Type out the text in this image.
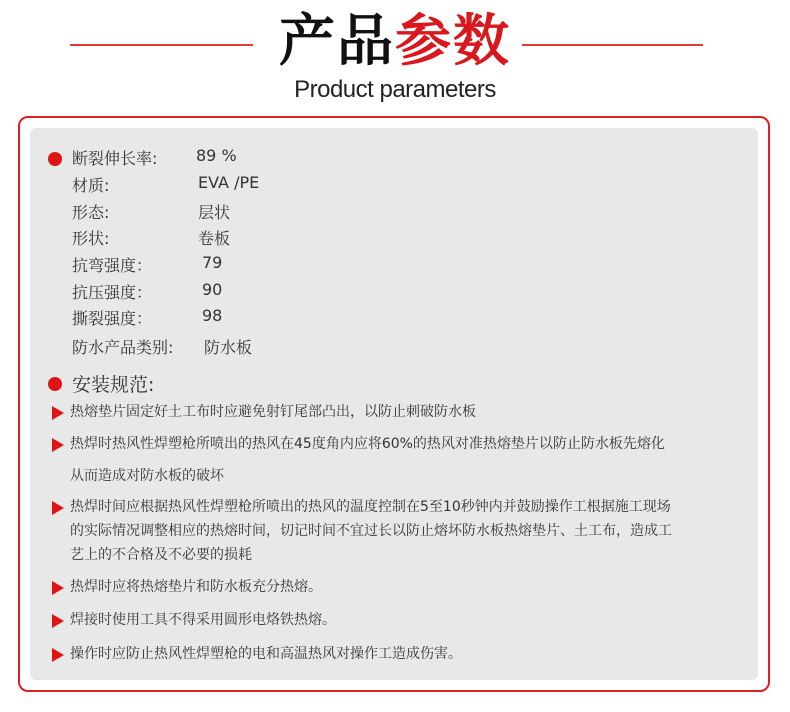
产品参数
Product parameters
断裂伸长率: 89 %
材质:	EVA /PE
形态:	层状
形状:	卷板
抗弯强度：	79
抗压强度：	90
撕裂强度：	98
防水产品类别: 防水板
安装规范:
热熔垫片固定好土工布时应避免射钉尾部凸出，以防止刺破防水板
热焊时热风性焊塑枪所喷出的热风在45度角内应将60%的热风对准热熔垫片以防止防水板先熔化
从而造成对防水板的破坏
热焊时间应根据热风性焊塑枪所喷出的热风的温度控制在5至10秒钟内并鼓励操作工根据施工现场
的实际情况调整相应的热熔时间，切记时间不宜过长以防止熔坏防水板热熔垫片、土工布，造成工
艺上的不合格及不必要的损耗
热焊时应将热熔垫片和防水板充分热熔。
焊接时使用工具不得采用圆形电烙铁热熔。
操作时应防止热风性焊塑枪的电和高温热风对操作工造成伤害。
